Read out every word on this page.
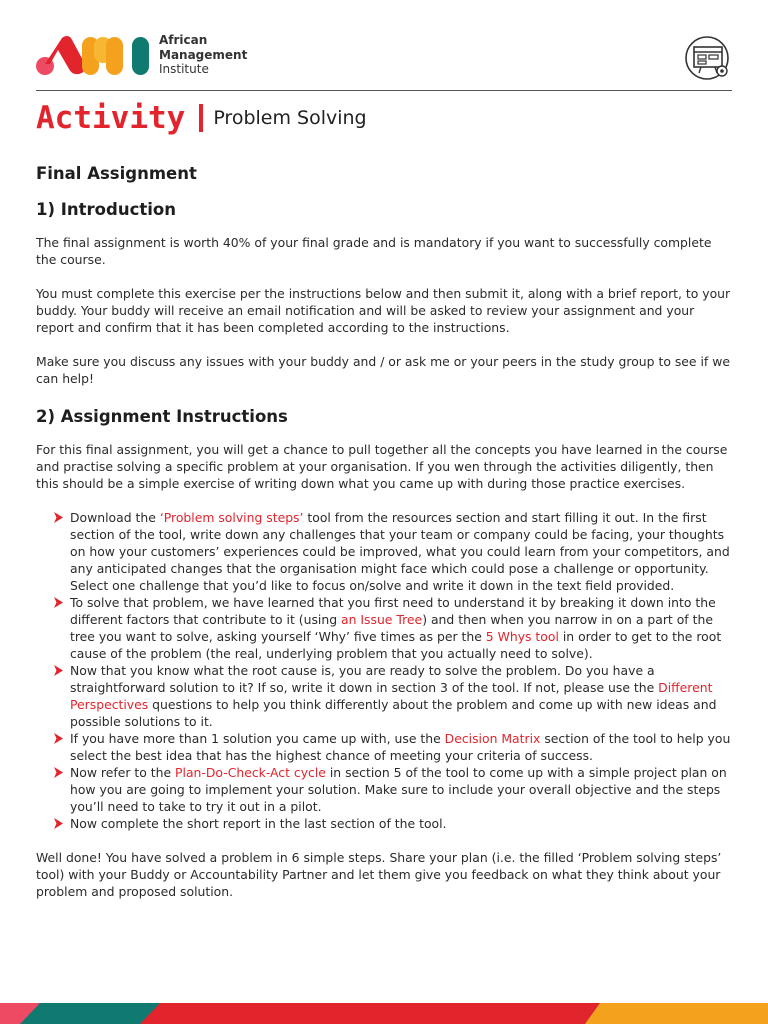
African
Management
Institute
Activity Problem Solving
Final Assignment
1) Introduction

The final assignment is worth 40% of your final grade and is mandatory if you want to successfully complete the course.

You must complete this exercise per the instructions below and then submit it, along with a brief report, to your buddy. Your buddy will receive an email notification and will be asked to review your assignment and your report and confirm that it has been completed according to the instructions.

Make sure you discuss any issues with your buddy and / or ask me or your peers in the study group to see if we can help!

2) Assignment Instructions

For this final assignment, you will get a chance to pull together all the concepts you have learned in the course and practise solving a specific problem at your organisation. If you wen through the activities diligently, then this should be a simple exercise of writing down what you came up with during those practice exercises.

Download the ‘Problem solving steps’ tool from the resources section and start filling it out. In the first section of the tool, write down any challenges that your team or company could be facing, your thoughts on how your customers’ experiences could be improved, what you could learn from your competitors, and any anticipated changes that the organisation might face which could pose a challenge or opportunity. Select one challenge that you’d like to focus on/solve and write it down in the text field provided.
To solve that problem, we have learned that you first need to understand it by breaking it down into the different factors that contribute to it (using an Issue Tree) and then when you narrow in on a part of the tree you want to solve, asking yourself ‘Why’ five times as per the 5 Whys tool in order to get to the root cause of the problem (the real, underlying problem that you actually need to solve).
Now that you know what the root cause is, you are ready to solve the problem. Do you have a straightforward solution to it? If so, write it down in section 3 of the tool. If not, please use the Different Perspectives questions to help you think differently about the problem and come up with new ideas and possible solutions to it.
If you have more than 1 solution you came up with, use the Decision Matrix section of the tool to help you select the best idea that has the highest chance of meeting your criteria of success.
Now refer to the Plan-Do-Check-Act cycle in section 5 of the tool to come up with a simple project plan on how you are going to implement your solution. Make sure to include your overall objective and the steps you’ll need to take to try it out in a pilot.
Now complete the short report in the last section of the tool.

Well done! You have solved a problem in 6 simple steps. Share your plan (i.e. the filled ‘Problem solving steps’ tool) with your Buddy or Accountability Partner and let them give you feedback on what they think about your problem and proposed solution.
